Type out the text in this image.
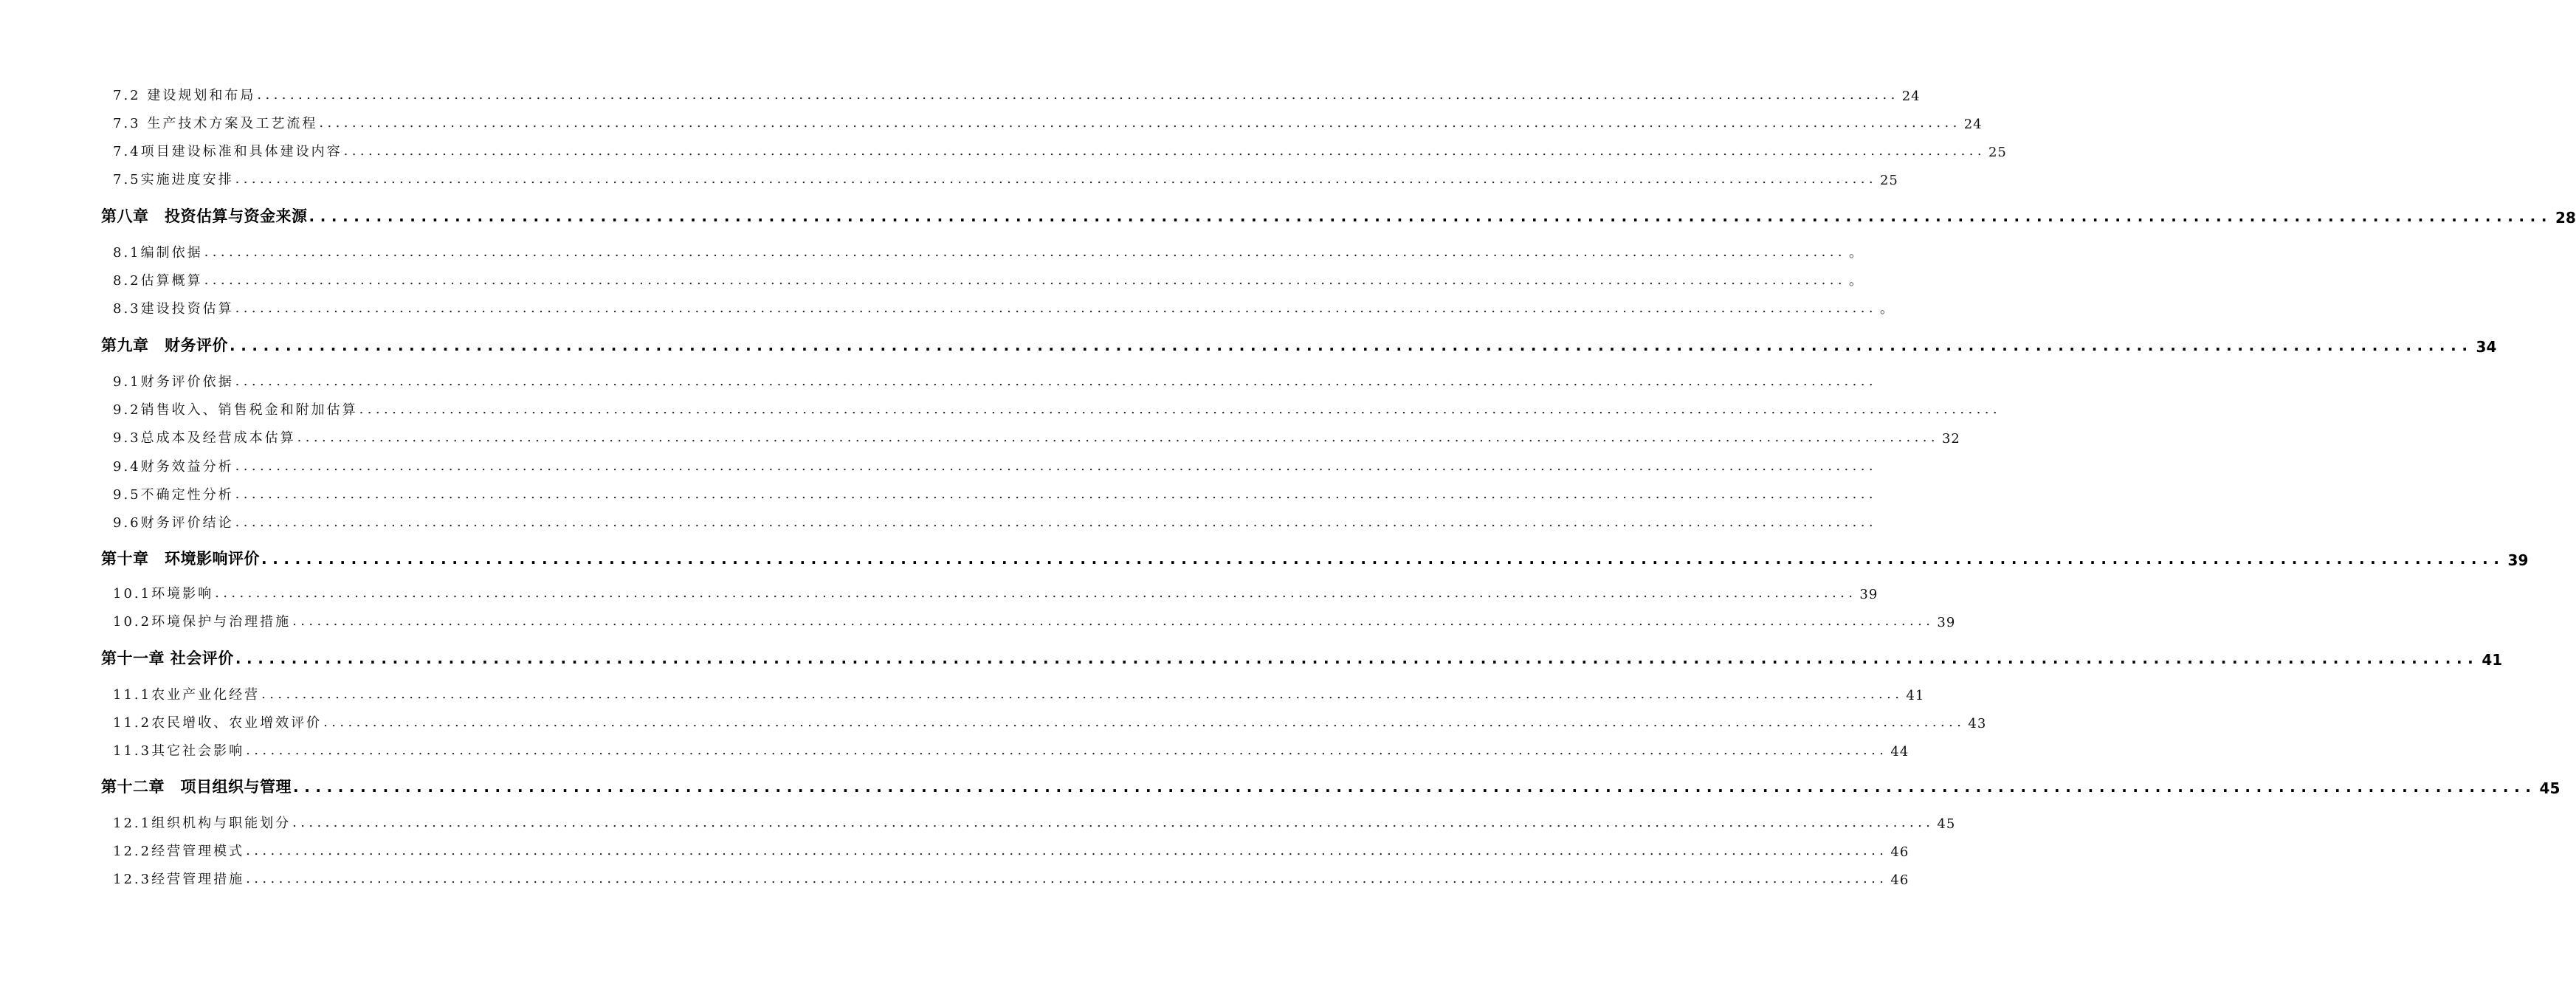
7.2 建设规划和布局 ........................................................................................................................................................................................................ 24
7.3 生产技术方案及工艺流程 ........................................................................................................................................................................................................ 24
7.4项目建设标准和具体建设内容 ........................................................................................................................................................................................................ 25
7.5实施进度安排 ........................................................................................................................................................................................................ 25
第八章　投资估算与资金来源 ........................................................................................................................................................................................................ 28
8.1编制依据 ........................................................................................................................................................................................................ 。
8.2估算概算 ........................................................................................................................................................................................................ 。
8.3建设投资估算 ........................................................................................................................................................................................................ 。
第九章　财务评价 ........................................................................................................................................................................................................ 34
9.1财务评价依据 ........................................................................................................................................................................................................
9.2销售收入、销售税金和附加估算 ........................................................................................................................................................................................................
9.3总成本及经营成本估算 ........................................................................................................................................................................................................ 32
9.4财务效益分析 ........................................................................................................................................................................................................
9.5不确定性分析 ........................................................................................................................................................................................................
9.6财务评价结论 ........................................................................................................................................................................................................
第十章　环境影响评价 ........................................................................................................................................................................................................ 39
10.1环境影响 ........................................................................................................................................................................................................ 39
10.2环境保护与治理措施 ........................................................................................................................................................................................................ 39
第十一章 社会评价 ........................................................................................................................................................................................................ 41
11.1农业产业化经营 ........................................................................................................................................................................................................ 41
11.2农民增收、农业增效评价 ........................................................................................................................................................................................................ 43
11.3其它社会影响 ........................................................................................................................................................................................................ 44
第十二章　项目组织与管理 ........................................................................................................................................................................................................ 45
12.1组织机构与职能划分 ........................................................................................................................................................................................................ 45
12.2经营管理模式 ........................................................................................................................................................................................................ 46
12.3经营管理措施 ........................................................................................................................................................................................................ 46
